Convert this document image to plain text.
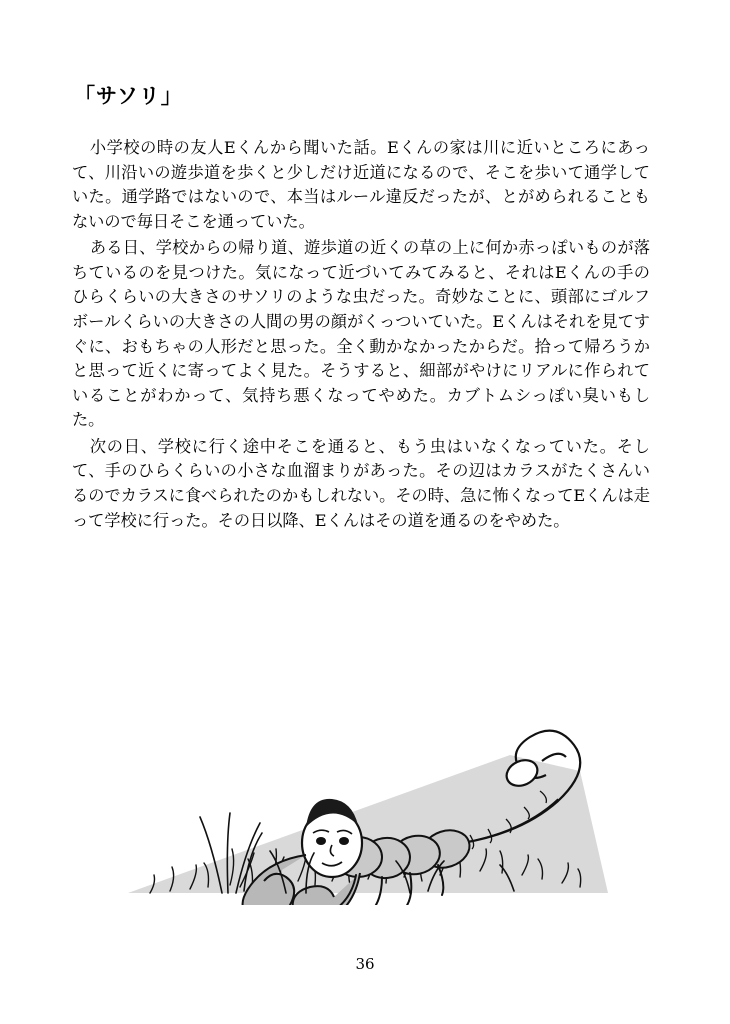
「サソリ」

小学校の時の友人Eくんから聞いた話。Eくんの家は川に近いところにあって、川沿いの遊歩道を歩くと少しだけ近道になるので、そこを歩いて通学していた。通学路ではないので、本当はルール違反だったが、とがめられることもないので毎日そこを通っていた。

ある日、学校からの帰り道、遊歩道の近くの草の上に何か赤っぽいものが落ちているのを見つけた。気になって近づいてみてみると、それはEくんの手のひらくらいの大きさのサソリのような虫だった。奇妙なことに、頭部にゴルフボールくらいの大きさの人間の男の顔がくっついていた。Eくんはそれを見てすぐに、おもちゃの人形だと思った。全く動かなかったからだ。拾って帰ろうかと思って近くに寄ってよく見た。そうすると、細部がやけにリアルに作られていることがわかって、気持ち悪くなってやめた。カブトムシっぽい臭いもした。

次の日、学校に行く途中そこを通ると、もう虫はいなくなっていた。そして、手のひらくらいの小さな血溜まりがあった。その辺はカラスがたくさんいるのでカラスに食べられたのかもしれない。その時、急に怖くなってEくんは走って学校に行った。その日以降、Eくんはその道を通るのをやめた。

36
